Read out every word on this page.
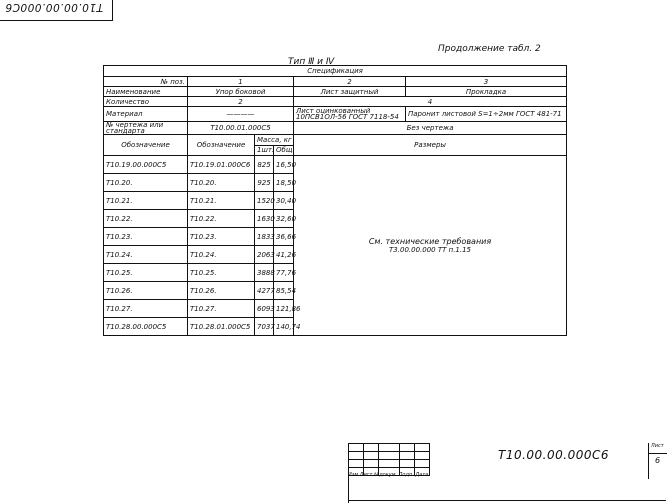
T10.00.00.000C6
Продолжение табл. 2
Тип Ⅲ и Ⅳ
Спецификация					
№ поз.	1			2	3
Наименование	Упор боковой			Лист защитный	Прокладка
Количество	2			4	
Материал	————			Лист оцинкованный 10ПСВ1ОЛ-56 ГОСТ 7118-54	Паронит листовой S=1÷2мм ГОСТ 481-71
№ чертежа или стандарта	T10.00.01.000C5			Без чертежа	
Обозначение	Обозначение	Масса, кг		Размеры	
		1шт.	Общ.		
T10.19.00.000C5	T10.19.01.000C6	825	16,50	См. технические требования
T3.00.00.000 TT п.1.15	

T10.20.	T10.20.	925	18,50		
T10.21.	T10.21.	1520	30,40		
T10.22.	T10.22.	1630	32,60		
T10.23.	T10.23.	1833	36,66		
T10.24.	T10.24.	2063	41,26		
T10.25.	T10.25.	3888	77,76		
T10.26.	T10.26.	4277	85,54		
T10.27.	T10.27.	6093	121,86		
T10.28.00.000C5	T10.28.01.000C5	7037	140,74		

Изм Лист №докум. Подп. Дата
T10.00.00.000C6
Лист
6
